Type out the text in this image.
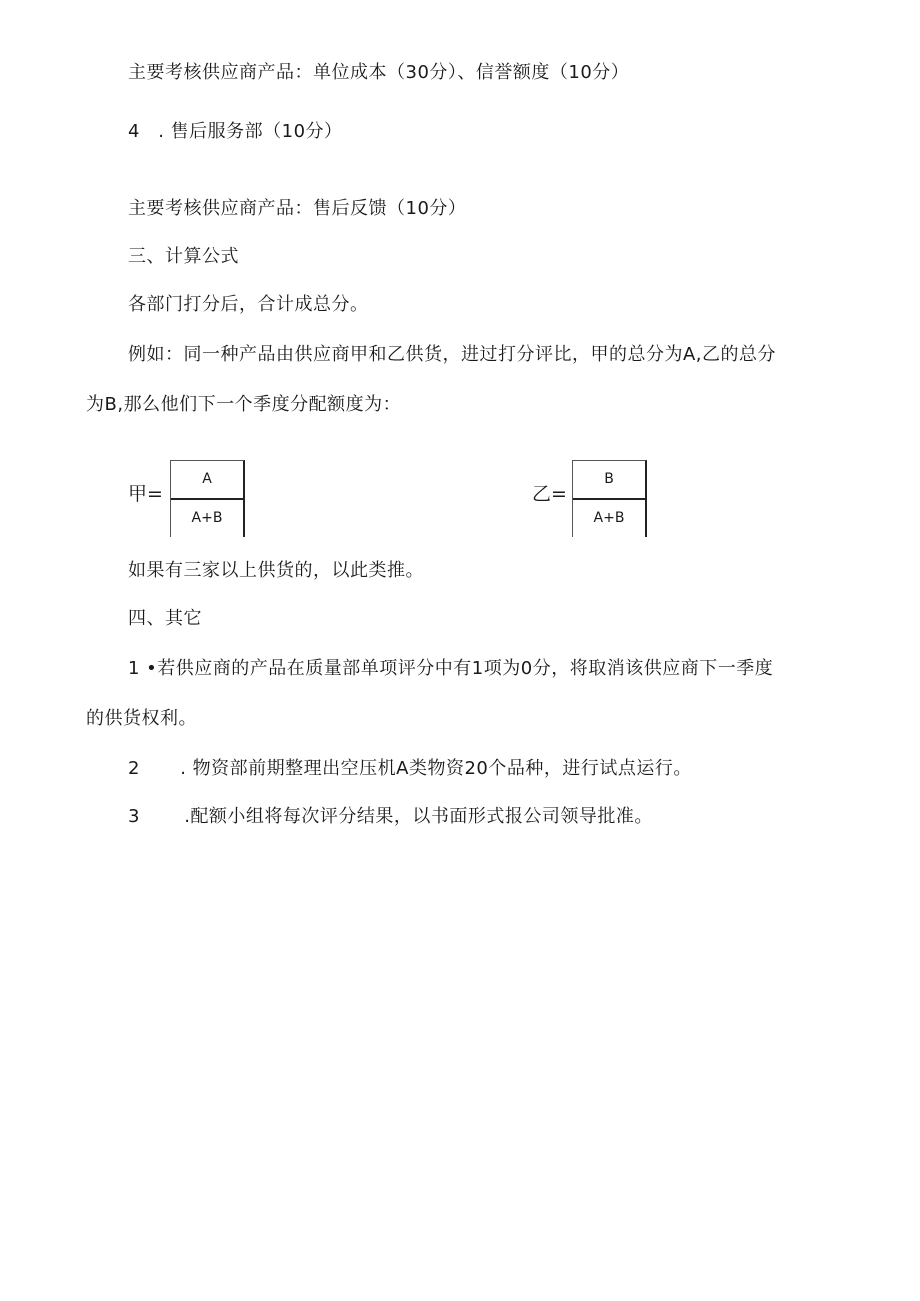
主要考核供应商产品：单位成本（30分）、信誉额度（10分）
4 . 售后服务部（10分）
主要考核供应商产品：售后反馈（10分）
三、计算公式
各部门打分后，合计成总分。
例如：同一种产品由供应商甲和乙供货，进过打分评比，甲的总分为A,乙的总分
为B,那么他们下一个季度分配额度为：
甲= $\frac{A}{A+B}$	乙= $\frac{B}{A+B}$
如果有三家以上供货的，以此类推。
四、其它
1 •若供应商的产品在质量部单项评分中有1项为0分，将取消该供应商下一季度
的供货权利。
2 . 物资部前期整理出空压机A类物资20个品种，进行试点运行。
3 .配额小组将每次评分结果，以书面形式报公司领导批准。
